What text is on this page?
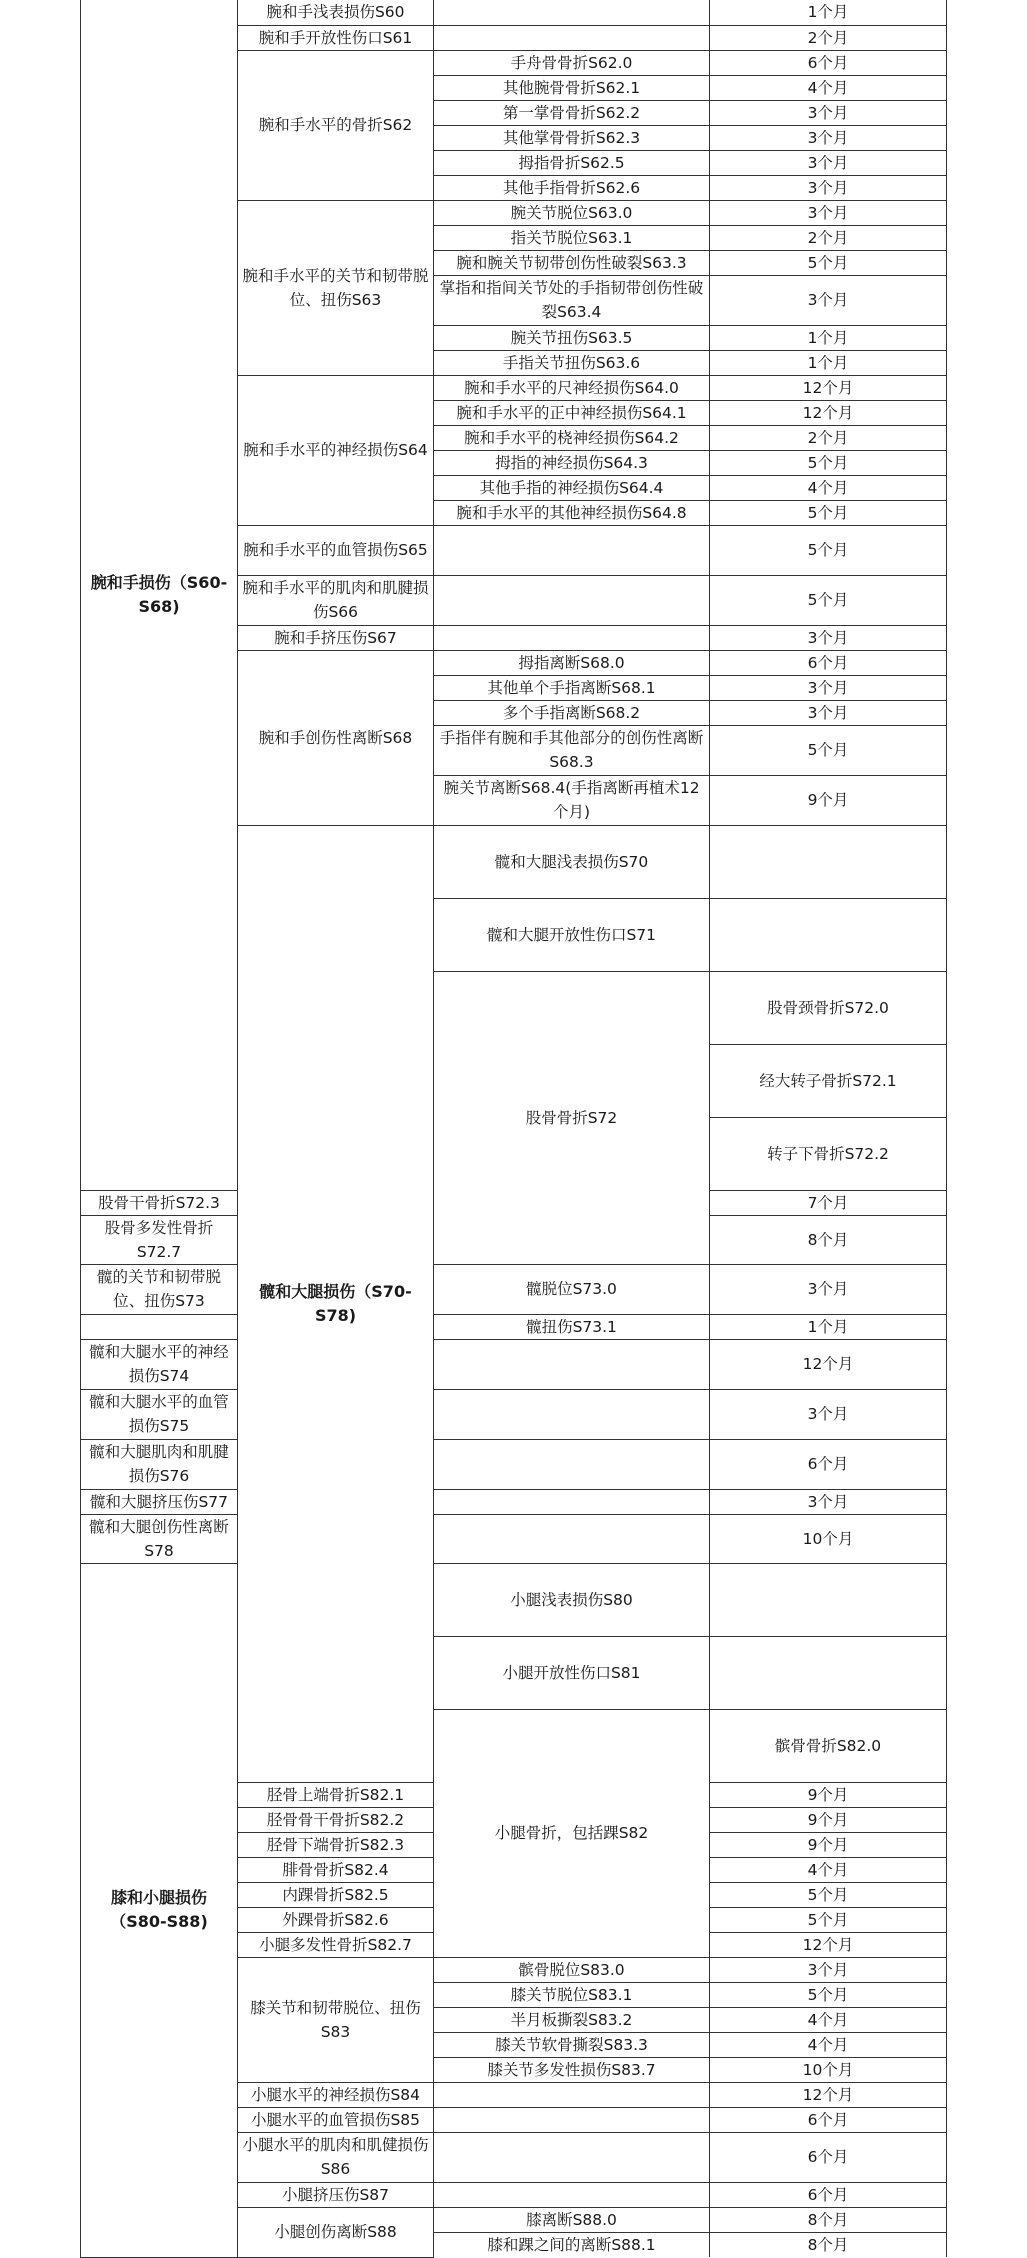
腕和手损伤（S60-S68)	腕和手浅表损伤S60		1个月	
	腕和手开放性伤口S61		2个月	
	腕和手水平的骨折S62	手舟骨骨折S62.0	6个月	
		其他腕骨骨折S62.1	4个月	
		第一掌骨骨折S62.2	3个月	
		其他掌骨骨折S62.3	3个月	
		拇指骨折S62.5	3个月	
		其他手指骨折S62.6	3个月	
	腕和手水平的关节和韧带脱位、扭伤S63	腕关节脱位S63.0	3个月	
		指关节脱位S63.1	2个月	
		腕和腕关节韧带创伤性破裂S63.3	5个月	
		掌指和指间关节处的手指韧带创伤性破裂S63.4	3个月	
		腕关节扭伤S63.5	1个月	
		手指关节扭伤S63.6	1个月	
	腕和手水平的神经损伤S64	腕和手水平的尺神经损伤S64.0	12个月	
		腕和手水平的正中神经损伤S64.1	12个月	
		腕和手水平的桡神经损伤S64.2	2个月	
		拇指的神经损伤S64.3	5个月	
		其他手指的神经损伤S64.4	4个月	
		腕和手水平的其他神经损伤S64.8	5个月	
	腕和手水平的血管损伤S65		5个月	
	腕和手水平的肌肉和肌腱损伤S66		5个月	
	腕和手挤压伤S67		3个月	
	腕和手创伤性离断S68	拇指离断S68.0	6个月	
		其他单个手指离断S68.1	3个月	
		多个手指离断S68.2	3个月	
		手指伴有腕和手其他部分的创伤性离断S68.3	5个月	
		腕关节离断S68.4(手指离断再植术12个月)	9个月	
	髋和大腿损伤（S70-S78)	髋和大腿浅表损伤S70		
		髋和大腿开放性伤口S71		
		股骨骨折S72	股骨颈骨折S72.0	
			经大转子骨折S72.1	
			转子下骨折S72.2	
股骨干骨折S72.3			7个月	
股骨多发性骨折S72.7			8个月	
髋的关节和韧带脱位、扭伤S73		髋脱位S73.0	3个月	
		髋扭伤S73.1	1个月	
髋和大腿水平的神经损伤S74			12个月	
髋和大腿水平的血管损伤S75			3个月	
髋和大腿肌肉和肌腱损伤S76			6个月	
髋和大腿挤压伤S77			3个月	
髋和大腿创伤性离断S78			10个月	
膝和小腿损伤（S80-S88)		小腿浅表损伤S80		
		小腿开放性伤口S81		
		小腿骨折，包括踝S82	髌骨骨折S82.0	
	胫骨上端骨折S82.1		9个月	
	胫骨骨干骨折S82.2		9个月	
	胫骨下端骨折S82.3		9个月	
	腓骨骨折S82.4		4个月	
	内踝骨折S82.5		5个月	
	外踝骨折S82.6		5个月	
	小腿多发性骨折S82.7		12个月	
	膝关节和韧带脱位、扭伤S83	髌骨脱位S83.0	3个月	
		膝关节脱位S83.1	5个月	
		半月板撕裂S83.2	4个月	
		膝关节软骨撕裂S83.3	4个月	
		膝关节多发性损伤S83.7	10个月	
	小腿水平的神经损伤S84		12个月	
	小腿水平的血管损伤S85		6个月	
	小腿水平的肌肉和肌健损伤S86		6个月	
	小腿挤压伤S87		6个月	
	小腿创伤离断S88	膝离断S88.0	8个月	
		膝和踝之间的离断S88.1	8个月	
